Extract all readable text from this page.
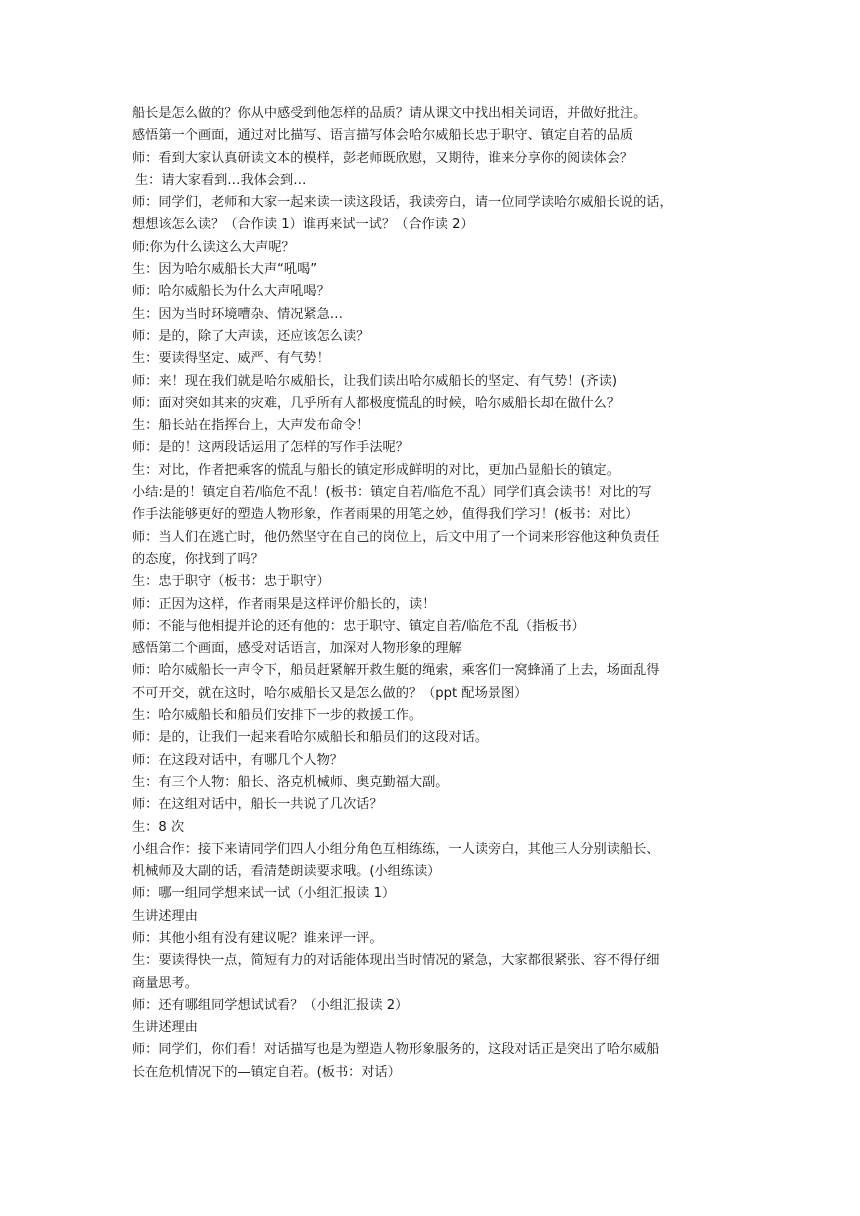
船长是怎么做的？你从中感受到他怎样的品质？请从课文中找出相关词语，并做好批注。
感悟第一个画面，通过对比描写、语言描写体会哈尔威船长忠于职守、镇定自若的品质
师：看到大家认真研读文本的模样，彭老师既欣慰，又期待，谁来分享你的阅读体会？
生：请大家看到…我体会到…
师：同学们，老师和大家一起来读一读这段话，我读旁白，请一位同学读哈尔威船长说的话，
想想该怎么读？（合作读 1）谁再来试一试？（合作读 2）
师:你为什么读这么大声呢？
生：因为哈尔威船长大声“吼喝”
师：哈尔威船长为什么大声吼喝？
生：因为当时环境嘈杂、情况紧急…
师：是的，除了大声读，还应该怎么读？
生：要读得坚定、威严、有气势！
师：来！现在我们就是哈尔威船长，让我们读出哈尔威船长的坚定、有气势！(齐读)
师：面对突如其来的灾难，几乎所有人都极度慌乱的时候，哈尔威船长却在做什么？
生：船长站在指挥台上，大声发布命令！
师：是的！这两段话运用了怎样的写作手法呢？
生：对比，作者把乘客的慌乱与船长的镇定形成鲜明的对比，更加凸显船长的镇定。
小结:是的！镇定自若/临危不乱！(板书：镇定自若/临危不乱）同学们真会读书！对比的写
作手法能够更好的塑造人物形象，作者雨果的用笔之妙，值得我们学习！(板书：对比）
师：当人们在逃亡时，他仍然坚守在自己的岗位上，后文中用了一个词来形容他这种负责任
的态度，你找到了吗？
生：忠于职守（板书：忠于职守）
师：正因为这样，作者雨果是这样评价船长的，读！
师：不能与他相提并论的还有他的：忠于职守、镇定自若/临危不乱（指板书）
感悟第二个画面，感受对话语言，加深对人物形象的理解
师：哈尔威船长一声令下，船员赶紧解开救生艇的绳索，乘客们一窝蜂涌了上去，场面乱得
不可开交，就在这时，哈尔威船长又是怎么做的？（ppt 配场景图）
生：哈尔威船长和船员们安排下一步的救援工作。
师：是的，让我们一起来看哈尔威船长和船员们的这段对话。
师：在这段对话中，有哪几个人物？
生：有三个人物：船长、洛克机械师、奥克勤福大副。
师：在这组对话中，船长一共说了几次话？
生：8 次
小组合作：接下来请同学们四人小组分角色互相练练，一人读旁白，其他三人分别读船长、
机械师及大副的话，看清楚朗读要求哦。(小组练读）
师：哪一组同学想来试一试（小组汇报读 1）
生讲述理由
师：其他小组有没有建议呢？谁来评一评。
生：要读得快一点，简短有力的对话能体现出当时情况的紧急，大家都很紧张、容不得仔细
商量思考。
师：还有哪组同学想试试看？（小组汇报读 2）
生讲述理由
师：同学们，你们看！对话描写也是为塑造人物形象服务的，这段对话正是突出了哈尔威船
长在危机情况下的—镇定自若。(板书：对话）
